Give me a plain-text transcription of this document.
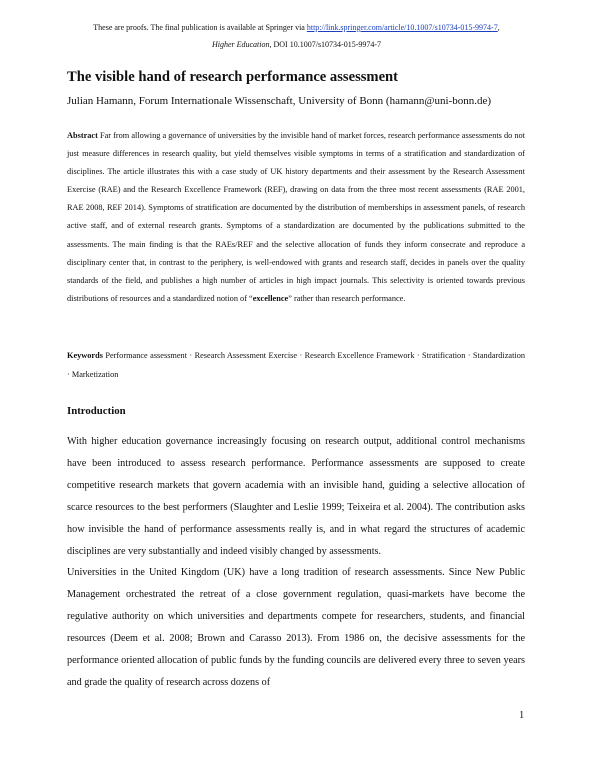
These are proofs. The final publication is available at Springer via http://link.springer.com/article/10.1007/s10734-015-9974-7,
Higher Education, DOI 10.1007/s10734-015-9974-7
The visible hand of research performance assessment
Julian Hamann, Forum Internationale Wissenschaft, University of Bonn (hamann@uni-bonn.de)
Abstract Far from allowing a governance of universities by the invisible hand of market forces, research performance assessments do not just measure differences in research quality, but yield themselves visible symptoms in terms of a stratification and standardization of disciplines. The article illustrates this with a case study of UK history departments and their assessment by the Research Assessment Exercise (RAE) and the Research Excellence Framework (REF), drawing on data from the three most recent assessments (RAE 2001, RAE 2008, REF 2014). Symptoms of stratification are documented by the distribution of memberships in assessment panels, of research active staff, and of external research grants. Symptoms of a standardization are documented by the publications submitted to the assessments. The main finding is that the RAEs/REF and the selective allocation of funds they inform consecrate and reproduce a disciplinary center that, in contrast to the periphery, is well-endowed with grants and research staff, decides in panels over the quality standards of the field, and publishes a high number of articles in high impact journals. This selectivity is oriented towards previous distributions of resources and a standardized notion of “excellence” rather than research performance.
Keywords Performance assessment · Research Assessment Exercise · Research Excellence Framework · Stratification · Standardization · Marketization
Introduction

With higher education governance increasingly focusing on research output, additional control mechanisms have been introduced to assess research performance. Performance assessments are supposed to create competitive research markets that govern academia with an invisible hand, guiding a selective allocation of scarce resources to the best performers (Slaughter and Leslie 1999; Teixeira et al. 2004). The contribution asks how invisible the hand of performance assessments really is, and in what regard the structures of academic disciplines are very substantially and indeed visibly changed by assessments.

Universities in the United Kingdom (UK) have a long tradition of research assessments. Since New Public Management orchestrated the retreat of a close government regulation, quasi-markets have become the regulative authority on which universities and departments compete for researchers, students, and financial resources (Deem et al. 2008; Brown and Carasso 2013). From 1986 on, the decisive assessments for the performance oriented allocation of public funds by the funding councils are delivered every three to seven years and grade the quality of research across dozens of

1
